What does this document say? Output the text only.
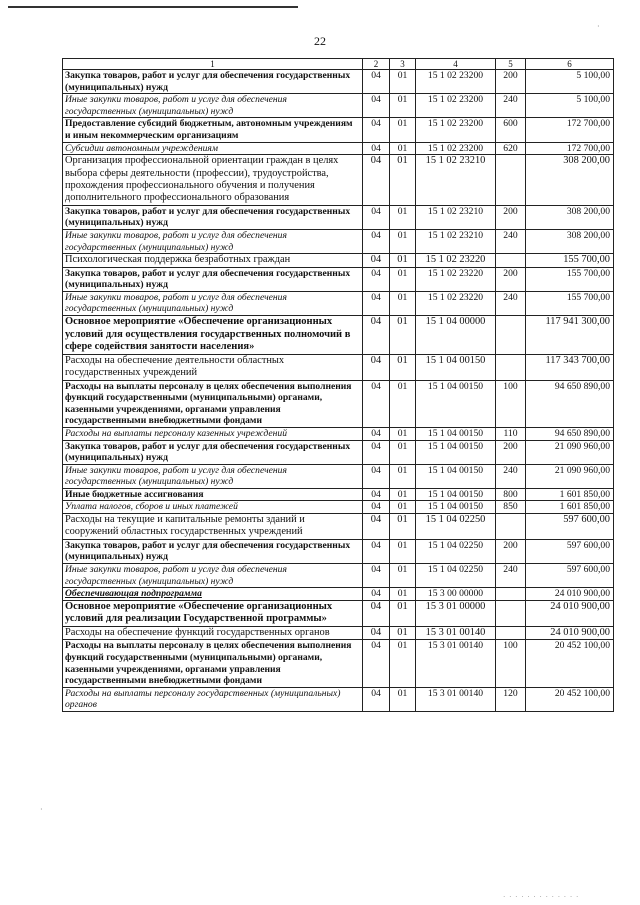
22
·
·
1	2	3	4	5	6
Закупка товаров, работ и услуг для обеспечения государственных (муниципальных) нужд	04	01	15 1 02 23200	200	5 100,00
Иные закупки товаров, работ и услуг для обеспечения государственных (муниципальных) нужд	04	01	15 1 02 23200	240	5 100,00
Предоставление субсидий бюджетным, автономным учреждениям и иным некоммерческим организациям	04	01	15 1 02 23200	600	172 700,00
Субсидии автономным учреждениям	04	01	15 1 02 23200	620	172 700,00
Организация профессиональной ориентации граждан в целях выбора сферы деятельности (профессии), трудоустройства, прохождения профессионального обучения и получения дополнительного профессионального образования	04	01	15 1 02 23210		308 200,00
Закупка товаров, работ и услуг для обеспечения государственных (муниципальных) нужд	04	01	15 1 02 23210	200	308 200,00
Иные закупки товаров, работ и услуг для обеспечения государственных (муниципальных) нужд	04	01	15 1 02 23210	240	308 200,00
Психологическая поддержка безработных граждан	04	01	15 1 02 23220		155 700,00
Закупка товаров, работ и услуг для обеспечения государственных (муниципальных) нужд	04	01	15 1 02 23220	200	155 700,00
Иные закупки товаров, работ и услуг для обеспечения государственных (муниципальных) нужд	04	01	15 1 02 23220	240	155 700,00
Основное мероприятие «Обеспечение организационных условий для осуществления государственных полномочий в сфере содействия занятости населения»	04	01	15 1 04 00000		117 941 300,00
Расходы на обеспечение деятельности областных государственных учреждений	04	01	15 1 04 00150		117 343 700,00
Расходы на выплаты персоналу в целях обеспечения выполнения функций государственными (муниципальными) органами, казенными учреждениями, органами управления государственными внебюджетными фондами	04	01	15 1 04 00150	100	94 650 890,00
Расходы на выплаты персоналу казенных учреждений	04	01	15 1 04 00150	110	94 650 890,00
Закупка товаров, работ и услуг для обеспечения государственных (муниципальных) нужд	04	01	15 1 04 00150	200	21 090 960,00
Иные закупки товаров, работ и услуг для обеспечения государственных (муниципальных) нужд	04	01	15 1 04 00150	240	21 090 960,00
Иные бюджетные ассигнования	04	01	15 1 04 00150	800	1 601 850,00
Уплата налогов, сборов и иных платежей	04	01	15 1 04 00150	850	1 601 850,00
Расходы на текущие и капитальные ремонты зданий и сооружений областных государственных учреждений	04	01	15 1 04 02250		597 600,00
Закупка товаров, работ и услуг для обеспечения государственных (муниципальных) нужд	04	01	15 1 04 02250	200	597 600,00
Иные закупки товаров, работ и услуг для обеспечения государственных (муниципальных) нужд	04	01	15 1 04 02250	240	597 600,00
Обеспечивающая подпрограмма	04	01	15 3 00 00000		24 010 900,00
Основное мероприятие «Обеспечение организационных условий для реализации Государственной программы»	04	01	15 3 01 00000		24 010 900,00
Расходы на обеспечение функций государственных органов	04	01	15 3 01 00140		24 010 900,00
Расходы на выплаты персоналу в целях обеспечения выполнения функций государственными (муниципальными) органами, казенными учреждениями, органами управления государственными внебюджетными фондами	04	01	15 3 01 00140	100	20 452 100,00
Расходы на выплаты персоналу государственных (муниципальных) органов	04	01	15 3 01 00140	120	20 452 100,00
· · · · · · · · · · · · ·
